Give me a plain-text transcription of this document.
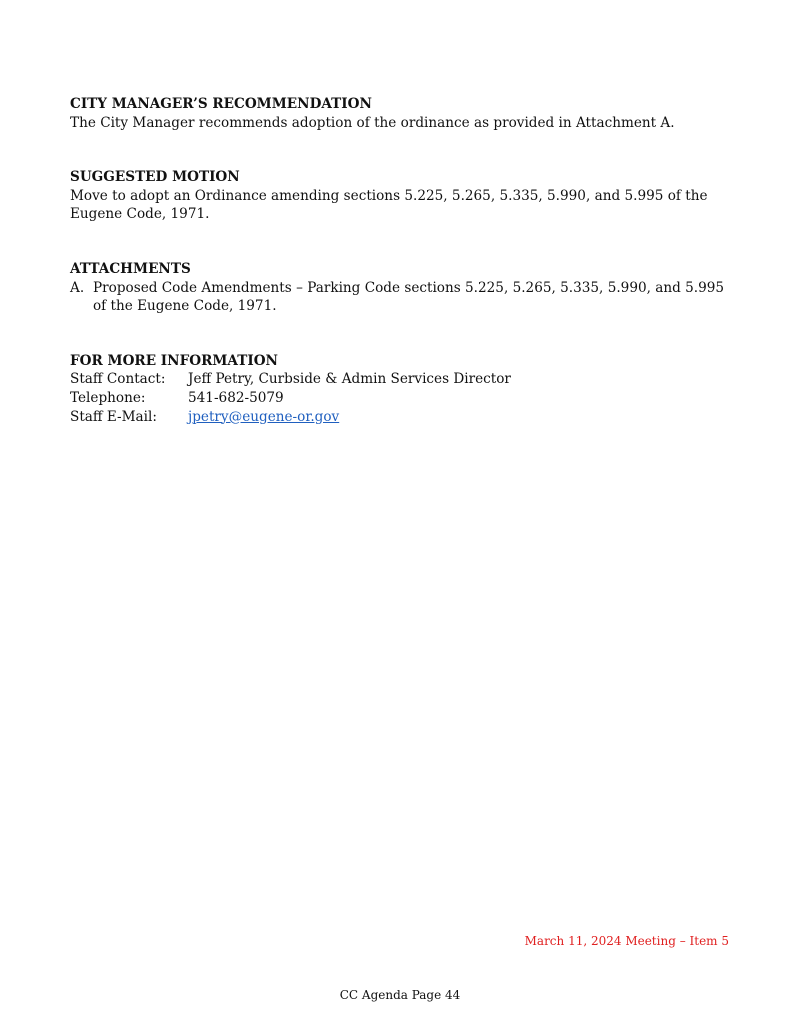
CITY MANAGER’S RECOMMENDATION
The City Manager recommends adoption of the ordinance as provided in Attachment A.
SUGGESTED MOTION
Move to adopt an Ordinance amending sections 5.225, 5.265, 5.335, 5.990, and 5.995 of the Eugene Code, 1971.
ATTACHMENTS
A. Proposed Code Amendments – Parking Code sections 5.225, 5.265, 5.335, 5.990, and 5.995 of the Eugene Code, 1971.
FOR MORE INFORMATION
Staff Contact:	Jeff Petry, Curbside & Admin Services Director
Telephone:	541-682-5079
Staff E-Mail:	jpetry@eugene-or.gov
March 11, 2024 Meeting – Item 5
CC Agenda Page 44
